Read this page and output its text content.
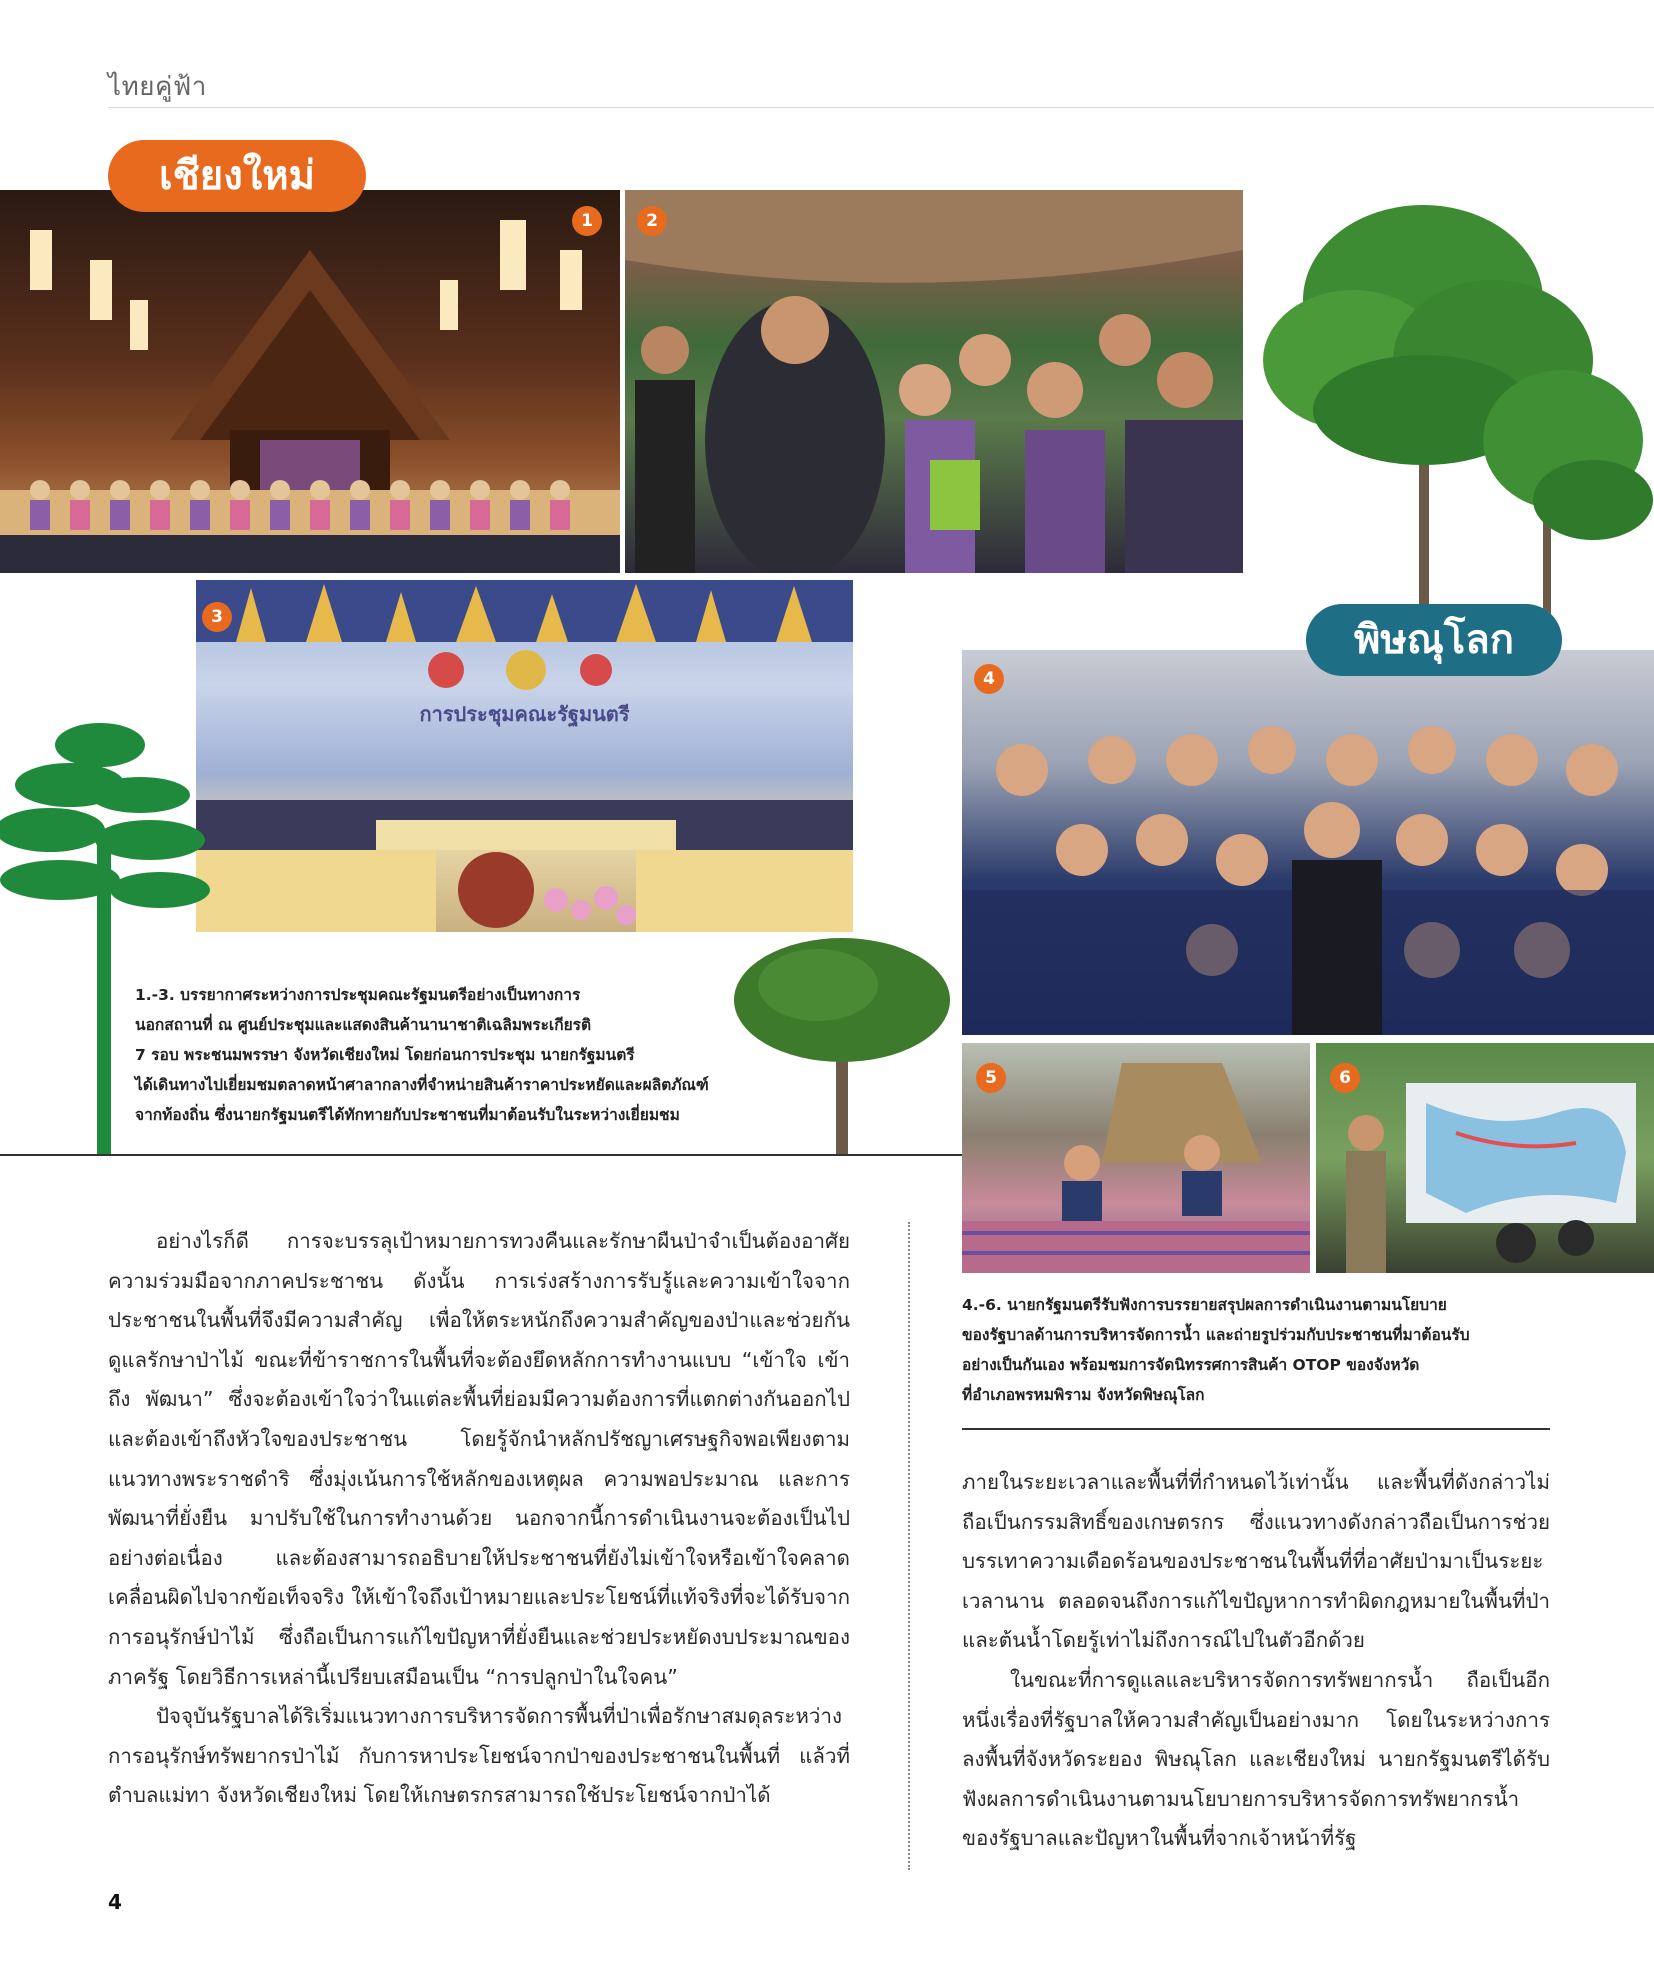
ไทยคู่ฟ้า
1
เชียงใหม่
2
การประชุมคณะรัฐมนตรี
3
1.-3. บรรยากาศระหว่างการประชุมคณะรัฐมนตรีอย่างเป็นทางการ
นอกสถานที่ ณ ศูนย์ประชุมและแสดงสินค้านานาชาติเฉลิมพระเกียรติ
7 รอบ พระชนมพรรษา จังหวัดเชียงใหม่ โดยก่อนการประชุม นายกรัฐมนตรี
ได้เดินทางไปเยี่ยมชมตลาดหน้าศาลากลางที่จำหน่ายสินค้าราคาประหยัดและผลิตภัณฑ์
จากท้องถิ่น ซึ่งนายกรัฐมนตรีได้ทักทายกับประชาชนที่มาต้อนรับในระหว่างเยี่ยมชม
4
พิษณุโลก
5	6
4.-6. นายกรัฐมนตรีรับฟังการบรรยายสรุปผลการดำเนินงานตามนโยบาย
ของรัฐบาลด้านการบริหารจัดการน้ำ และถ่ายรูปร่วมกับประชาชนที่มาต้อนรับ
อย่างเป็นกันเอง พร้อมชมการจัดนิทรรศการสินค้า OTOP ของจังหวัด
ที่อำเภอพรหมพิราม จังหวัดพิษณุโลก

อย่างไรก็ดี การจะบรรลุเป้าหมายการทวงคืนและรักษาผืนป่าจำเป็นต้องอาศัยความร่วมมือจากภาคประชาชน ดังนั้น การเร่งสร้างการรับรู้และความเข้าใจจากประชาชนในพื้นที่จึงมีความสำคัญ เพื่อให้ตระหนักถึงความสำคัญของป่าและช่วยกันดูแลรักษาป่าไม้ ขณะที่ข้าราชการในพื้นที่จะต้องยึดหลักการทำงานแบบ “เข้าใจ เข้าถึง พัฒนา” ซึ่งจะต้องเข้าใจว่าในแต่ละพื้นที่ย่อมมีความต้องการที่แตกต่างกันออกไป และต้องเข้าถึงหัวใจของประชาชน โดยรู้จักนำหลักปรัชญาเศรษฐกิจพอเพียงตามแนวทางพระราชดำริ ซึ่งมุ่งเน้นการใช้หลักของเหตุผล ความพอประมาณ และการพัฒนาที่ยั่งยืน มาปรับใช้ในการทำงานด้วย นอกจากนี้การดำเนินงานจะต้องเป็นไปอย่างต่อเนื่อง และต้องสามารถอธิบายให้ประชาชนที่ยังไม่เข้าใจหรือเข้าใจคลาดเคลื่อนผิดไปจากข้อเท็จจริง ให้เข้าใจถึงเป้าหมายและประโยชน์ที่แท้จริงที่จะได้รับจากการอนุรักษ์ป่าไม้ ซึ่งถือเป็นการแก้ไขปัญหาที่ยั่งยืนและช่วยประหยัดงบประมาณของภาครัฐ โดยวิธีการเหล่านี้เปรียบเสมือนเป็น “การปลูกป่าในใจคน”

ปัจจุบันรัฐบาลได้ริเริ่มแนวทางการบริหารจัดการพื้นที่ป่าเพื่อรักษาสมดุลระหว่างการอนุรักษ์ทรัพยากรป่าไม้ กับการหาประโยชน์จากป่าของประชาชนในพื้นที่ แล้วที่ตำบลแม่ทา จังหวัดเชียงใหม่ โดยให้เกษตรกรสามารถใช้ประโยชน์จากป่าได้

ภายในระยะเวลาและพื้นที่ที่กำหนดไว้เท่านั้น และพื้นที่ดังกล่าวไม่ถือเป็นกรรมสิทธิ์ของเกษตรกร ซึ่งแนวทางดังกล่าวถือเป็นการช่วยบรรเทาความเดือดร้อนของประชาชนในพื้นที่ที่อาศัยป่ามาเป็นระยะเวลานาน ตลอดจนถึงการแก้ไขปัญหาการทำผิดกฎหมายในพื้นที่ป่าและต้นน้ำโดยรู้เท่าไม่ถึงการณ์ไปในตัวอีกด้วย

ในขณะที่การดูแลและบริหารจัดการทรัพยากรน้ำ ถือเป็นอีกหนึ่งเรื่องที่รัฐบาลให้ความสำคัญเป็นอย่างมาก โดยในระหว่างการลงพื้นที่จังหวัดระยอง พิษณุโลก และเชียงใหม่ นายกรัฐมนตรีได้รับฟังผลการดำเนินงานตามนโยบายการบริหารจัดการทรัพยากรน้ำของรัฐบาลและปัญหาในพื้นที่จากเจ้าหน้าที่รัฐ

4
